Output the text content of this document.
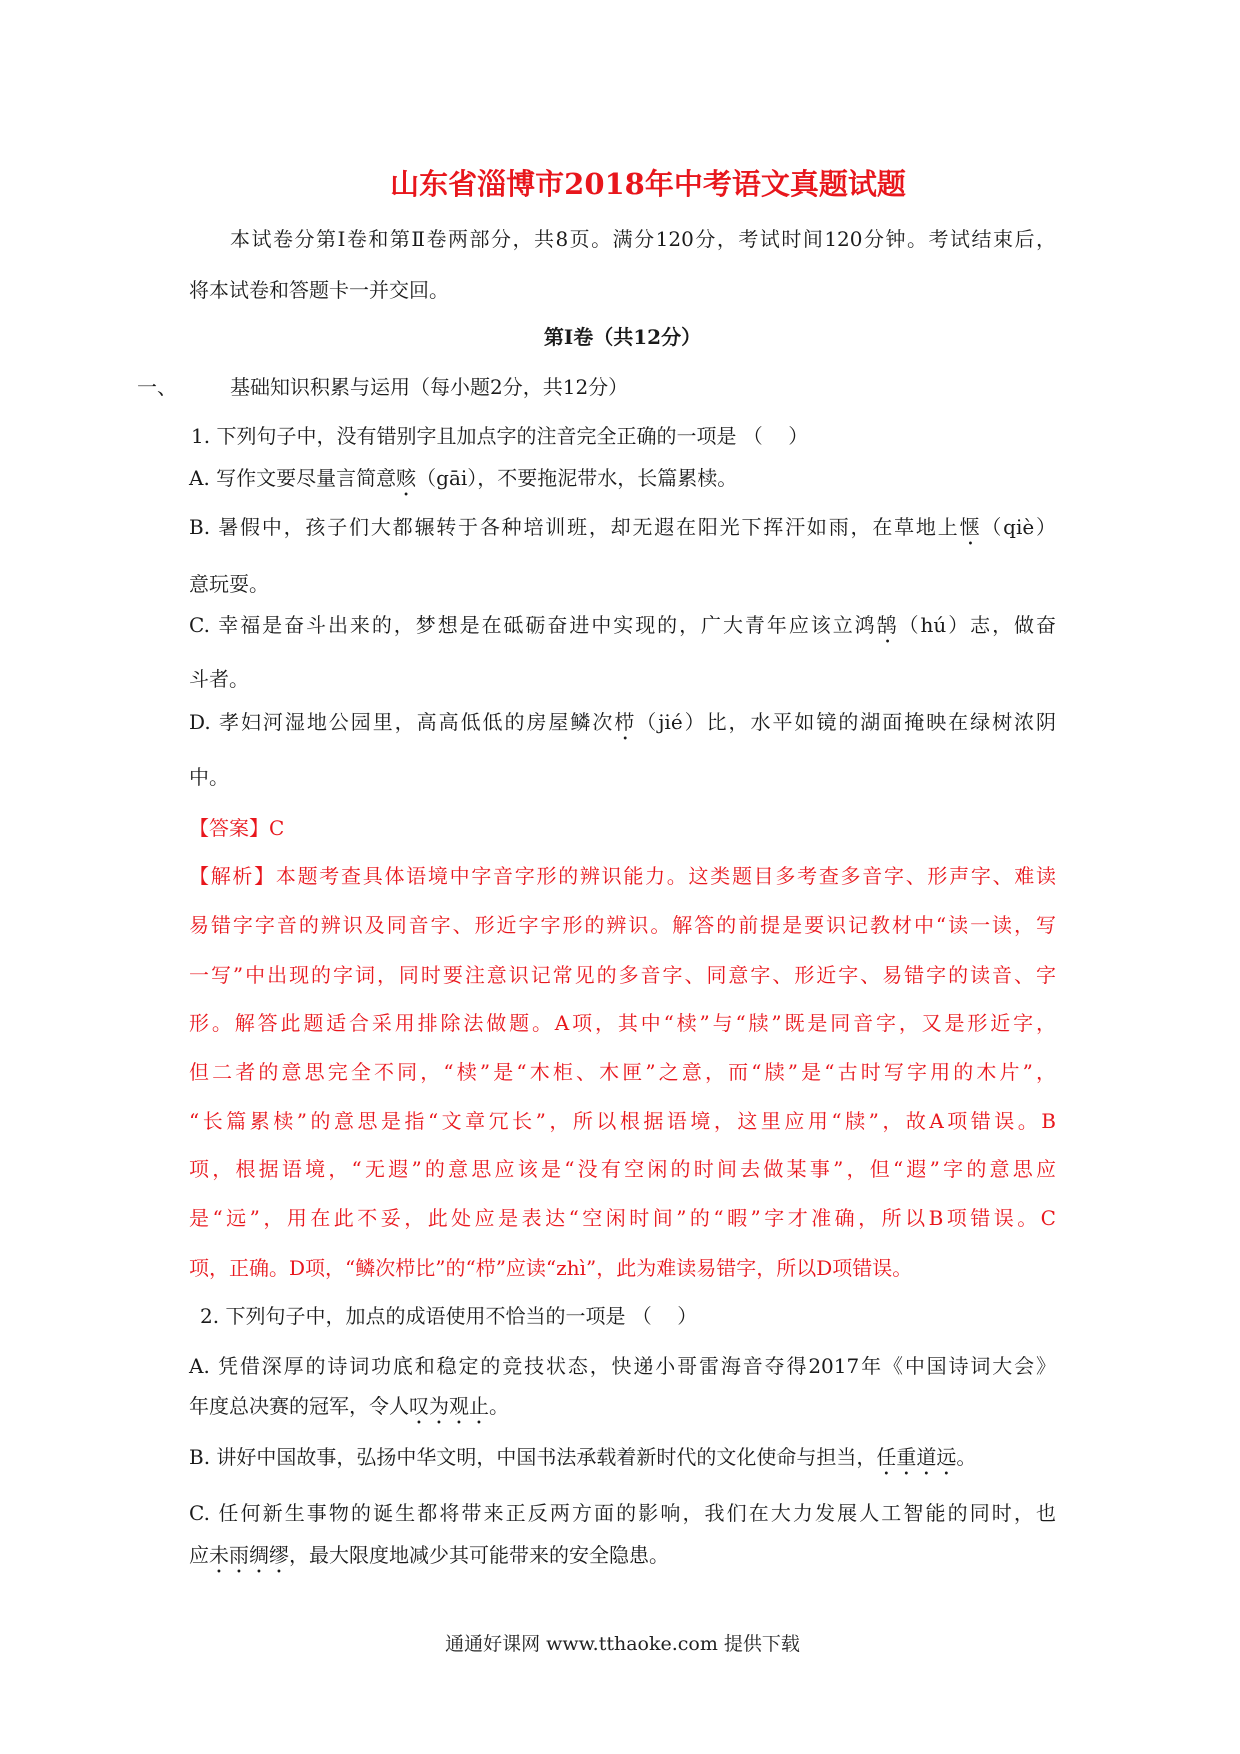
山东省淄博市2018年中考语文真题试题
本试卷分第Ⅰ卷和第Ⅱ卷两部分，共8页。满分120分，考试时间120分钟。考试结束后，
将本试卷和答题卡一并交回。
第Ⅰ卷（共12分）
一、	基础知识积累与运用（每小题2分，共12分）
1. 下列句子中，没有错别字且加点字的注音完全正确的一项是 （    ）
A. 写作文要尽量言简意赅（gāi），不要拖泥带水，长篇累椟。
B. 暑假中，孩子们大都辗转于各种培训班，却无遐在阳光下挥汗如雨，在草地上惬（qiè）
意玩耍。
C. 幸福是奋斗出来的，梦想是在砥砺奋进中实现的，广大青年应该立鸿鹄（hú）志，做奋
斗者。
D. 孝妇河湿地公园里，高高低低的房屋鳞次栉（jié）比，水平如镜的湖面掩映在绿树浓阴
中。
【答案】C
【解析】本题考查具体语境中字音字形的辨识能力。这类题目多考查多音字、形声字、难读
易错字字音的辨识及同音字、形近字字形的辨识。解答的前提是要识记教材中“读一读，写
一写”中出现的字词，同时要注意识记常见的多音字、同意字、形近字、易错字的读音、字
形。解答此题适合采用排除法做题。A项，其中“椟”与“牍”既是同音字，又是形近字，
但二者的意思完全不同，“椟”是“木柜、木匣”之意，而“牍”是“古时写字用的木片”，
“长篇累椟”的意思是指“文章冗长”，所以根据语境，这里应用“牍”，故A项错误。B
项，根据语境，“无遐”的意思应该是“没有空闲的时间去做某事”，但“遐”字的意思应
是“远”，用在此不妥，此处应是表达“空闲时间”的“暇”字才准确，所以B项错误。C
项，正确。D项，“鳞次栉比”的“栉”应读“zhì”，此为难读易错字，所以D项错误。
2. 下列句子中，加点的成语使用不恰当的一项是 （    ）
A. 凭借深厚的诗词功底和稳定的竞技状态，快递小哥雷海音夺得2017年《中国诗词大会》
年度总决赛的冠军，令人叹为观止。
B. 讲好中国故事，弘扬中华文明，中国书法承载着新时代的文化使命与担当，任重道远。
C. 任何新生事物的诞生都将带来正反两方面的影响，我们在大力发展人工智能的同时，也
应未雨绸缪，最大限度地减少其可能带来的安全隐患。
通通好课网 www.tthaoke.com 提供下载
